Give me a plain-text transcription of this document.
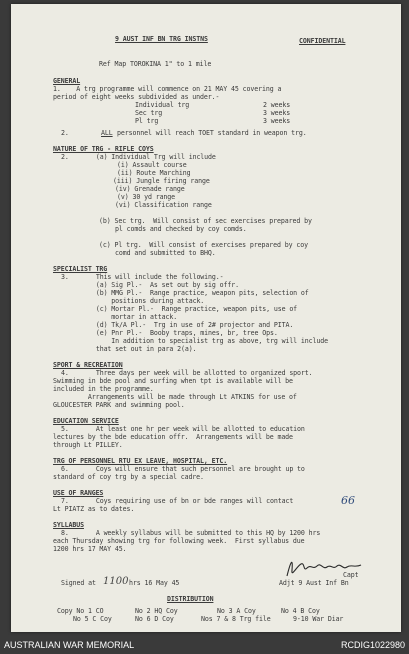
9 AUST INF BN TRG INSTNS	CONFIDENTIAL
Ref Map TOROKINA 1" to 1 mile
GENERAL
1.    A trg programme will commence on 21 MAY 45 covering a
period of eight weeks subdivided as under.-
Individual trg	2 weeks
Sec trg	3 weeks
Pl trg	3 weeks
2.	ALL personnel will reach TOET standard in weapon trg.
NATURE OF TRG - RIFLE COYS
2.       (a) Individual Trg will include
(i) Assault course
(ii) Route Marching
(iii) Jungle firing range
(iv) Grenade range
(v) 30 yd range
(vi) Classification range
(b) Sec trg.  Will consist of sec exercises prepared by
pl comds and checked by coy comds.
(c) Pl trg.  Will consist of exercises prepared by coy
comd and submitted to BHQ.
SPECIALIST TRG
3.       This will include the following.-
(a) Sig Pl.-  As set out by sig offr.
(b) MMG Pl.-  Range practice, weapon pits, selection of
positions during attack.
(c) Mortar Pl.-  Range practice, weapon pits, use of
mortar in attack.
(d) Tk/A Pl.-  Trg in use of 2# projector and PITA.
(e) Pnr Pl.-  Booby traps, mines, br, tree Ops.
In addition to specialist trg as above, trg will include
that set out in para 2(a).
SPORT & RECREATION
4.       Three days per week will be allotted to organized sport.
Swimming in bde pool and surfing when tpt is available will be
included in the programme.
Arrangements will be made through Lt ATKINS for use of
GLOUCESTER PARK and swimming pool.
EDUCATION SERVICE
5.       At least one hr per week will be allotted to education
lectures by the bde education offr.  Arrangements will be made
through Lt PILLEY.
TRG OF PERSONNEL RTU EX LEAVE, HOSPITAL, ETC.
6.       Coys will ensure that such personnel are brought up to
standard of coy trg by a special cadre.
USE OF RANGES
7.       Coys requiring use of bn or bde ranges will contact	66
Lt PIATZ as to dates.
SYLLABUS
8.       A weekly syllabus will be submitted to this HQ by 1200 hrs
each Thursday showing trg for following week.  First syllabus due
1200 hrs 17 MAY 45.
Capt
Adjt 9 Aust Inf Bn
Signed at 1100 hrs 16 May 45
DISTRIBUTION
Copy No 1 CO	No 2 HQ Coy	No 3 A Coy	No 4 B Coy
No 5 C Coy	No 6 D Coy	Nos 7 & 8 Trg file	9-10 War Diar
AUSTRALIAN WAR MEMORIAL	RCDIG1022980
